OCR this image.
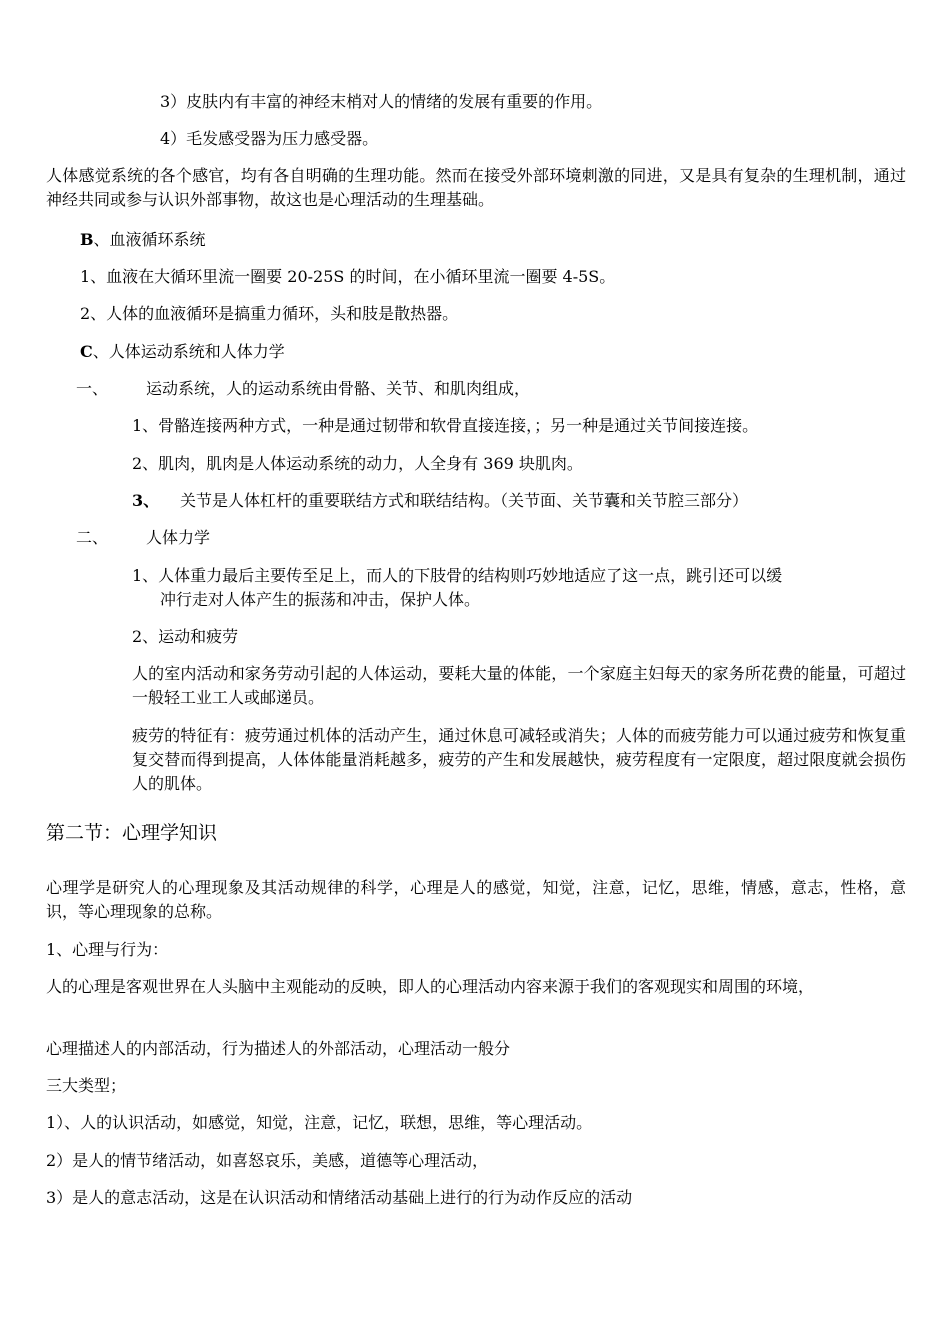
3）皮肤内有丰富的神经末梢对人的情绪的发展有重要的作用。
4）毛发感受器为压力感受器。
人体感觉系统的各个感官，均有各自明确的生理功能。然而在接受外部环境刺激的同进，又是具有复杂的生理机制，通过神经共同或参与认识外部事物，故这也是心理活动的生理基础。
B、血液循环系统
1、血液在大循环里流一圈要 20-25S 的时间，在小循环里流一圈要 4-5S。
2、人体的血液循环是搞重力循环，头和肢是散热器。
C、人体运动系统和人体力学
一、 运动系统，人的运动系统由骨骼、关节、和肌肉组成，
1、骨骼连接两种方式，一种是通过韧带和软骨直接连接，；另一种是通过关节间接连接。
2、肌肉，肌肉是人体运动系统的动力，人全身有 369 块肌肉。
3、 关节是人体杠杆的重要联结方式和联结结构。（关节面、关节囊和关节腔三部分）
二、 人体力学
1、人体重力最后主要传至足上，而人的下肢骨的结构则巧妙地适应了这一点，跳引还可以缓
冲行走对人体产生的振荡和冲击，保护人体。
2、运动和疲劳
人的室内活动和家务劳动引起的人体运动，要耗大量的体能，一个家庭主妇每天的家务所花费的能量，可超过一般轻工业工人或邮递员。
疲劳的特征有：疲劳通过机体的活动产生，通过休息可减轻或消失；人体的而疲劳能力可以通过疲劳和恢复重复交替而得到提高，人体体能量消耗越多，疲劳的产生和发展越快，疲劳程度有一定限度，超过限度就会损伤人的肌体。
第二节：心理学知识
心理学是研究人的心理现象及其活动规律的科学，心理是人的感觉，知觉，注意，记忆，思维，情感，意志，性格，意识，等心理现象的总称。
1、心理与行为：
人的心理是客观世界在人头脑中主观能动的反映，即人的心理活动内容来源于我们的客观现实和周围的环境，
心理描述人的内部活动，行为描述人的外部活动，心理活动一般分
三大类型；
1）、人的认识活动，如感觉，知觉，注意，记忆，联想，思维，等心理活动。
2）是人的情节绪活动，如喜怒哀乐，美感，道德等心理活动，
3）是人的意志活动，这是在认识活动和情绪活动基础上进行的行为动作反应的活动
